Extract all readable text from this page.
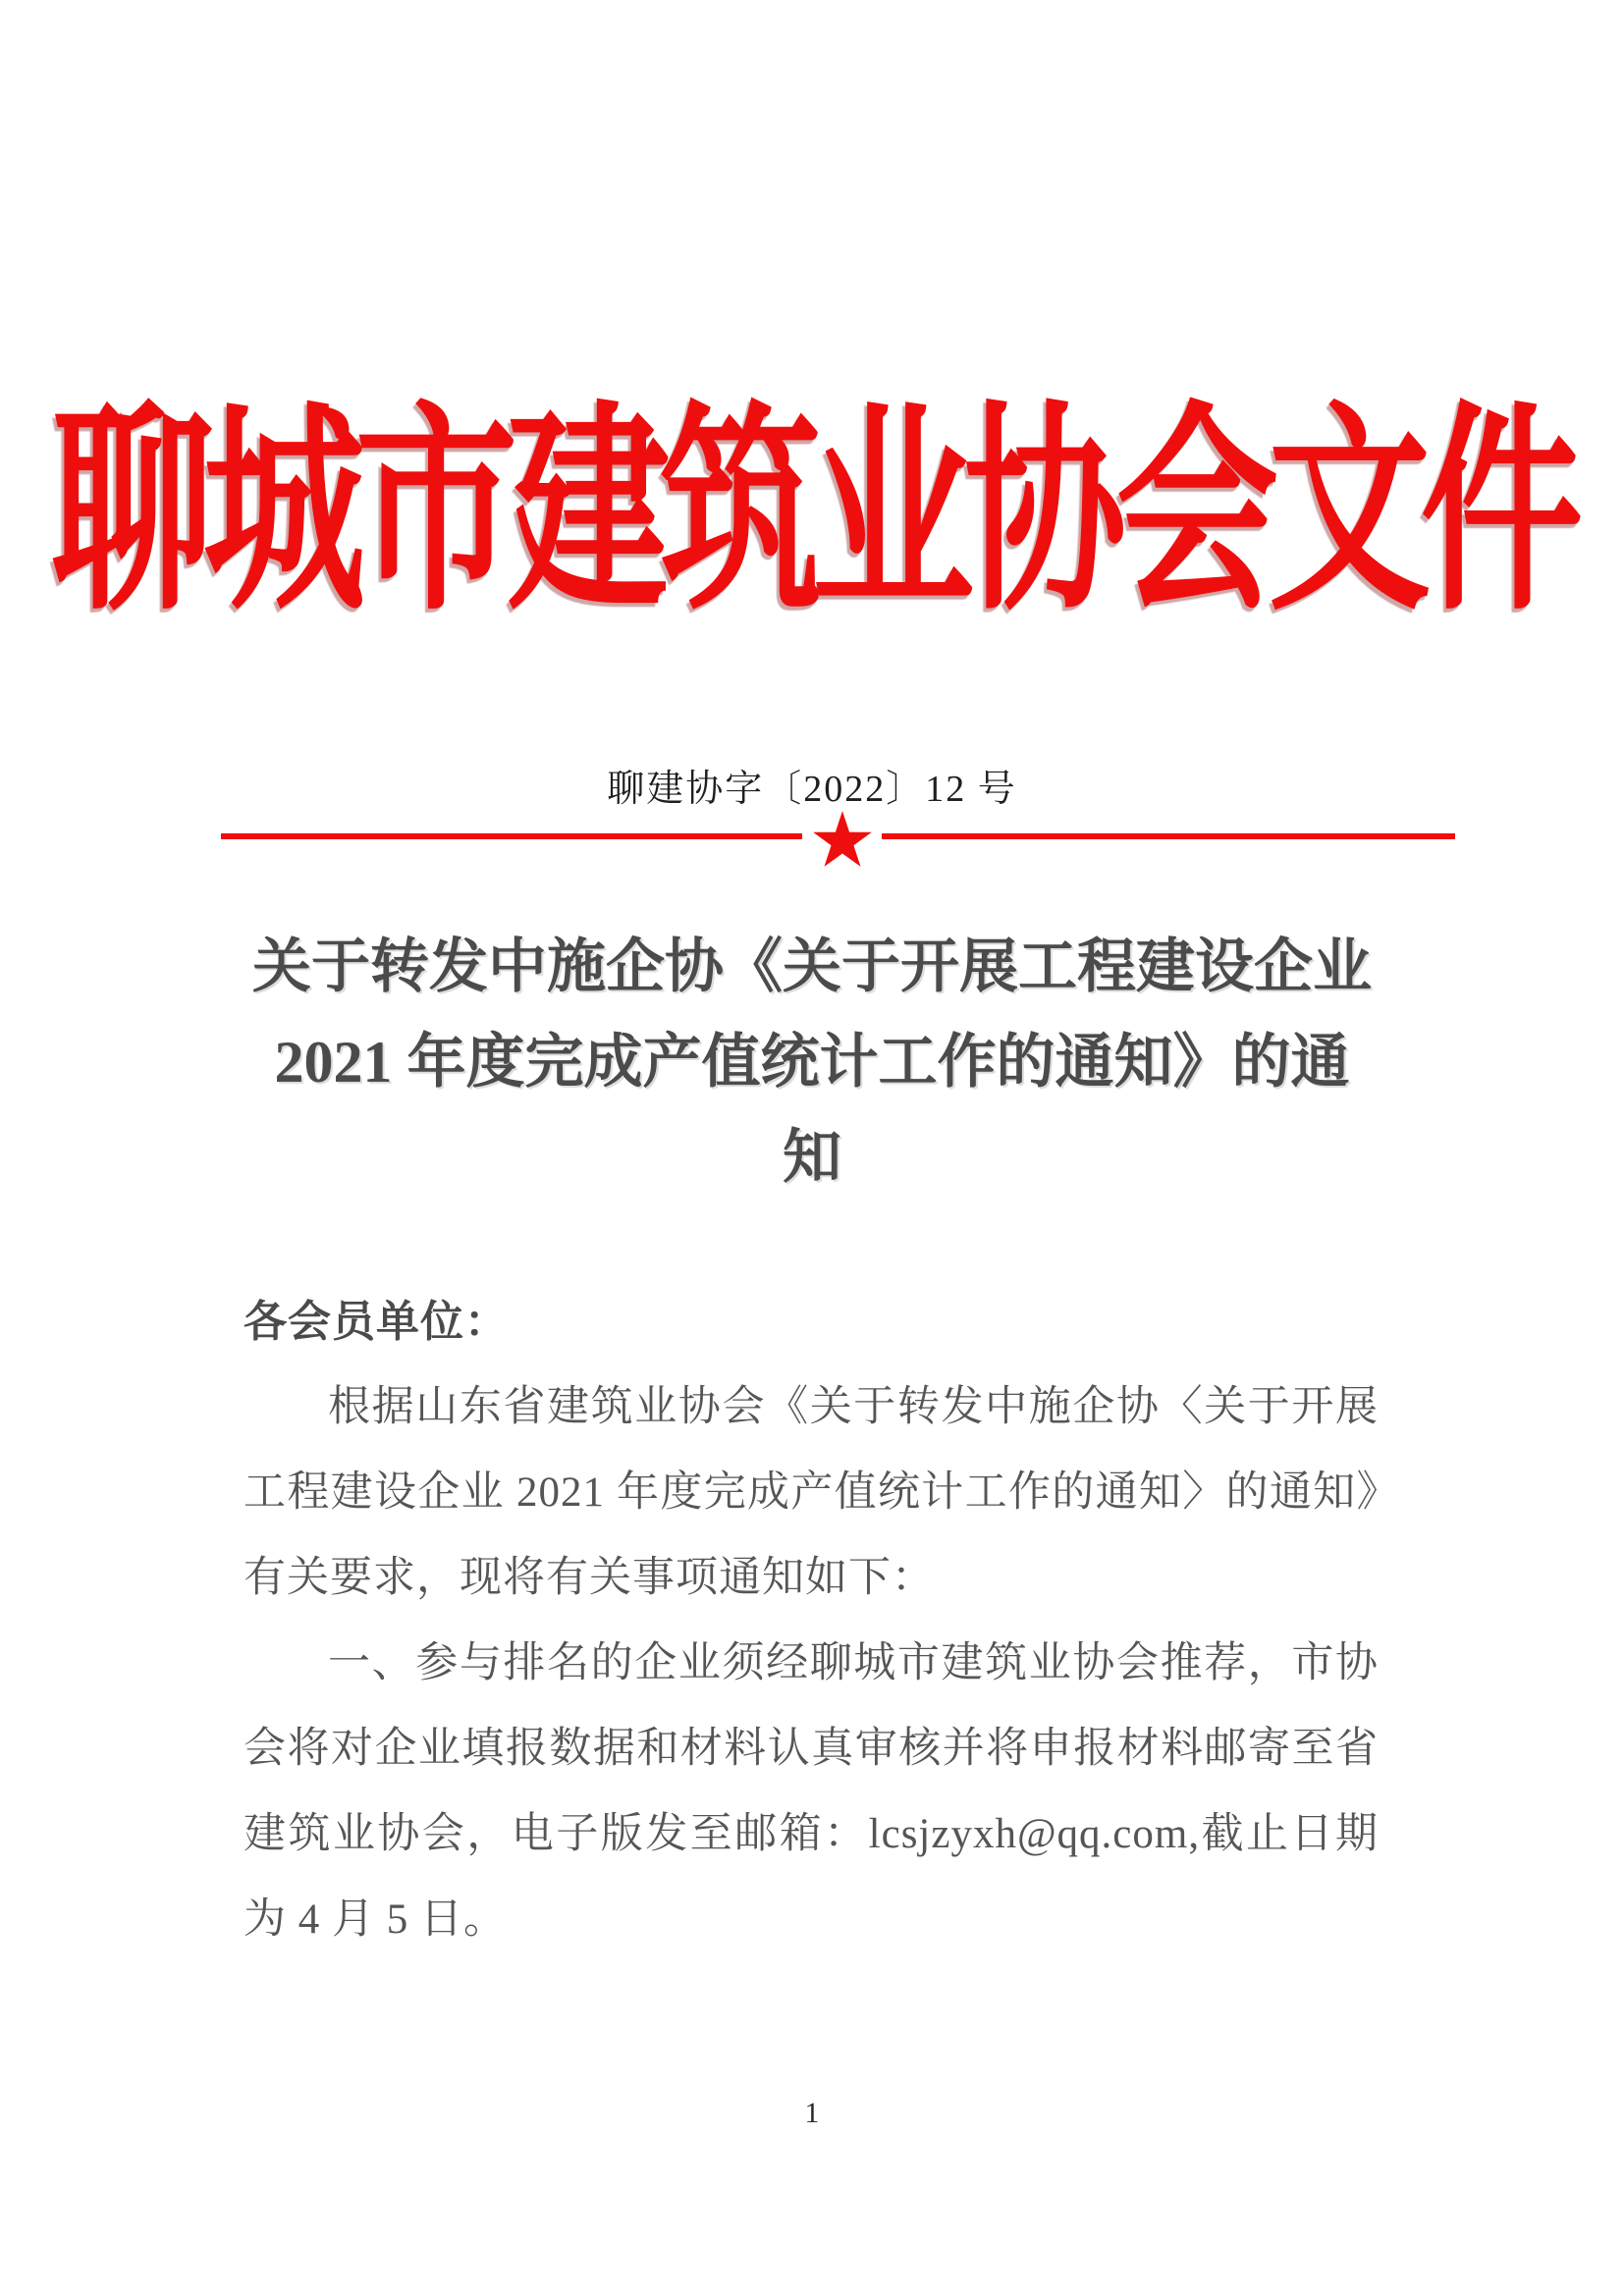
聊城市建筑业协会文件
聊建协字〔2022〕12 号
★
关于转发中施企协《关于开展工程建设企业
2021 年度完成产值统计工作的通知》的通
知
各会员单位：

根据山东省建筑业协会《关于转发中施企协〈关于开展工程建设企业 2021 年度完成产值统计工作的通知〉的通知》有关要求，现将有关事项通知如下：

一、参与排名的企业须经聊城市建筑业协会推荐，市协会将对企业填报数据和材料认真审核并将申报材料邮寄至省建筑业协会，电子版发至邮箱：lcsjzyxh@qq.com,截止日期为 4 月 5 日。

1
